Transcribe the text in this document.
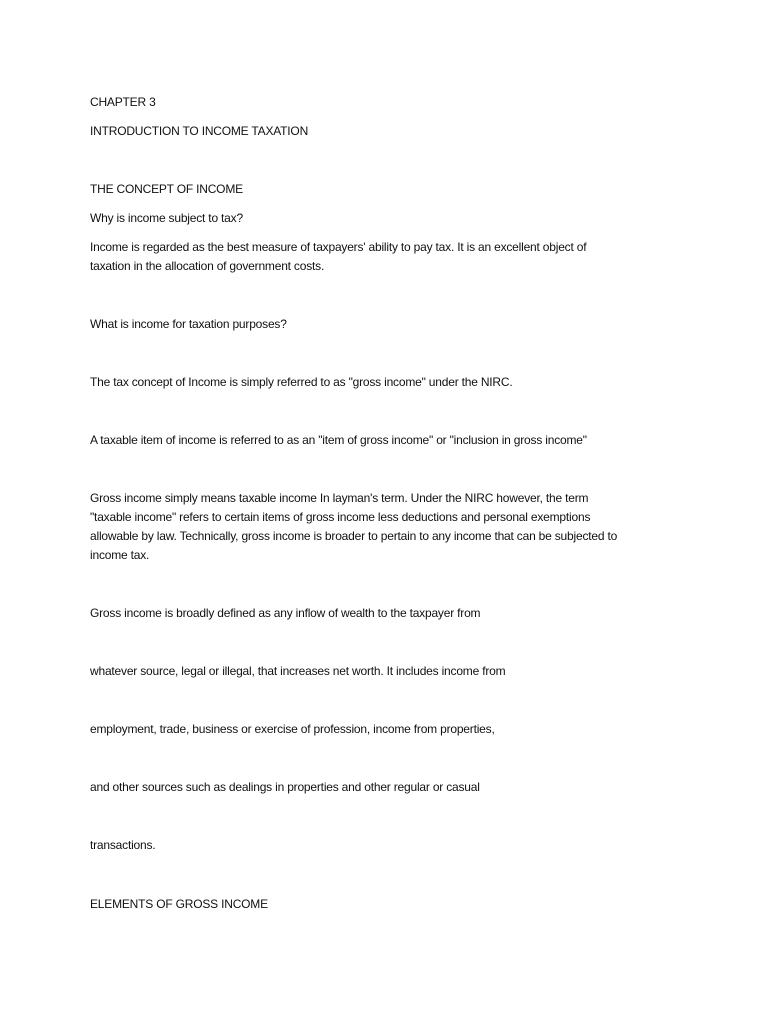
CHAPTER 3

INTRODUCTION TO INCOME TAXATION

THE CONCEPT OF INCOME

Why is income subject to tax?

Income is regarded as the best measure of taxpayers' ability to pay tax. It is an excellent object of
taxation in the allocation of government costs.

What is income for taxation purposes?

The tax concept of Income is simply referred to as "gross income" under the NIRC.

A taxable item of income is referred to as an "item of gross income" or "inclusion in gross income"

Gross income simply means taxable income In layman's term. Under the NIRC however, the term
"taxable income" refers to certain items of gross income less deductions and personal exemptions
allowable by law. Technically, gross income is broader to pertain to any income that can be subjected to
income tax.

Gross income is broadly defined as any inflow of wealth to the taxpayer from

whatever source, legal or illegal, that increases net worth. It includes income from

employment, trade, business or exercise of profession, income from properties,

and other sources such as dealings in properties and other regular or casual

transactions.

ELEMENTS OF GROSS INCOME
